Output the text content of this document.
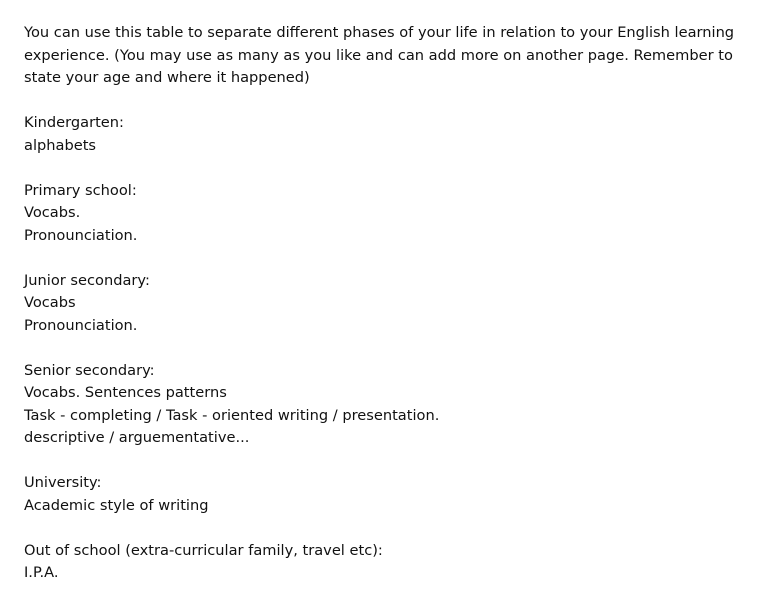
You can use this table to separate different phases of your life in relation to your English learning
experience. (You may use as many as you like and can add more on another page. Remember to
state your age and where it happened)
Kindergarten:
alphabets
Primary school:
Vocabs.
Pronounciation.
Junior secondary:
Vocabs
Pronounciation.
Senior secondary:
Vocabs. Sentences patterns
Task - completing / Task - oriented writing / presentation.
descriptive / arguementative...
University:
Academic style of writing
Out of school (extra-curricular family, travel etc):
I.P.A.
